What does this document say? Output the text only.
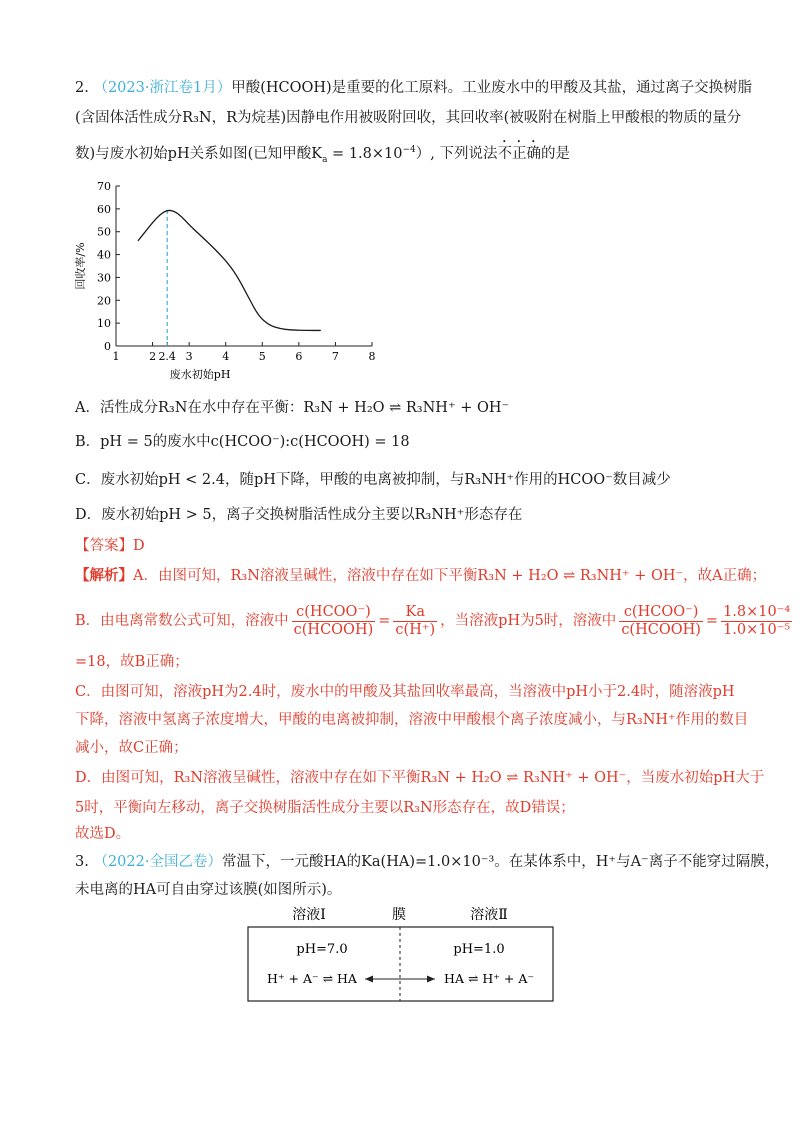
2. （2023·浙江卷1月）甲酸(HCOOH)是重要的化工原料。工业废水中的甲酸及其盐，通过离子交换树脂
(含固体活性成分R₃N，R为烷基)因静电作用被吸附回收，其回收率(被吸附在树脂上甲酸根的物质的量分
数)与废水初始pH关系如图(已知甲酸$K_a = 1.8\times 10^{-4}$）, 下列说法不正确的是
0
10
20
30
40
50
60
70
1	2 2.4 3	4	5	6	7	8
回收率/%
废水初始pH
A．活性成分R₃N在水中存在平衡：R₃N + H₂O ⇌ R₃NH⁺ + OH⁻
B．pH = 5的废水中c(HCOO⁻):c(HCOOH) = 18
C．废水初始pH < 2.4，随pH下降，甲酸的电离被抑制，与R₃NH⁺作用的HCOO⁻数目减少
D．废水初始pH > 5，离子交换树脂活性成分主要以R₃NH⁺形态存在
【答案】D
【解析】A．由图可知，R₃N溶液呈碱性，溶液中存在如下平衡R₃N + H₂O ⇌ R₃NH⁺ + OH⁻，故A正确；
B．由电离常数公式可知，溶液中 $\frac{\text{c(HCOO⁻)}}{\text{c(HCOOH)}} = \frac{Ka}{c(H^+)}$ ，当溶液pH为5时，溶液中 $\frac{\text{c(HCOO⁻)}}{\text{c(HCOOH)}} = \frac{\text{1.8×10⁻⁴}}{\text{1.0×10⁻⁵}}$
=18，故B正确；
C．由图可知，溶液pH为2.4时，废水中的甲酸及其盐回收率最高，当溶液中pH小于2.4时，随溶液pH
下降，溶液中氢离子浓度增大，甲酸的电离被抑制，溶液中甲酸根个离子浓度减小，与R₃NH⁺作用的数目
减小，故C正确；
D．由图可知，R₃N溶液呈碱性，溶液中存在如下平衡R₃N + H₂O ⇌ R₃NH⁺ + OH⁻，当废水初始pH大于
5时，平衡向左移动，离子交换树脂活性成分主要以R₃N形态存在，故D错误；
故选D。
3. （2022·全国乙卷）常温下，一元酸HA的Ka(HA)=1.0×10⁻³。在某体系中，H⁺与A⁻离子不能穿过隔膜，
未电离的HA可自由穿过该膜(如图所示)。
溶液Ⅰ	膜	溶液Ⅱ
pH=7.0	pH=1.0
H⁺ + A⁻ ⇌ HA	HA ⇌ H⁺ + A⁻
